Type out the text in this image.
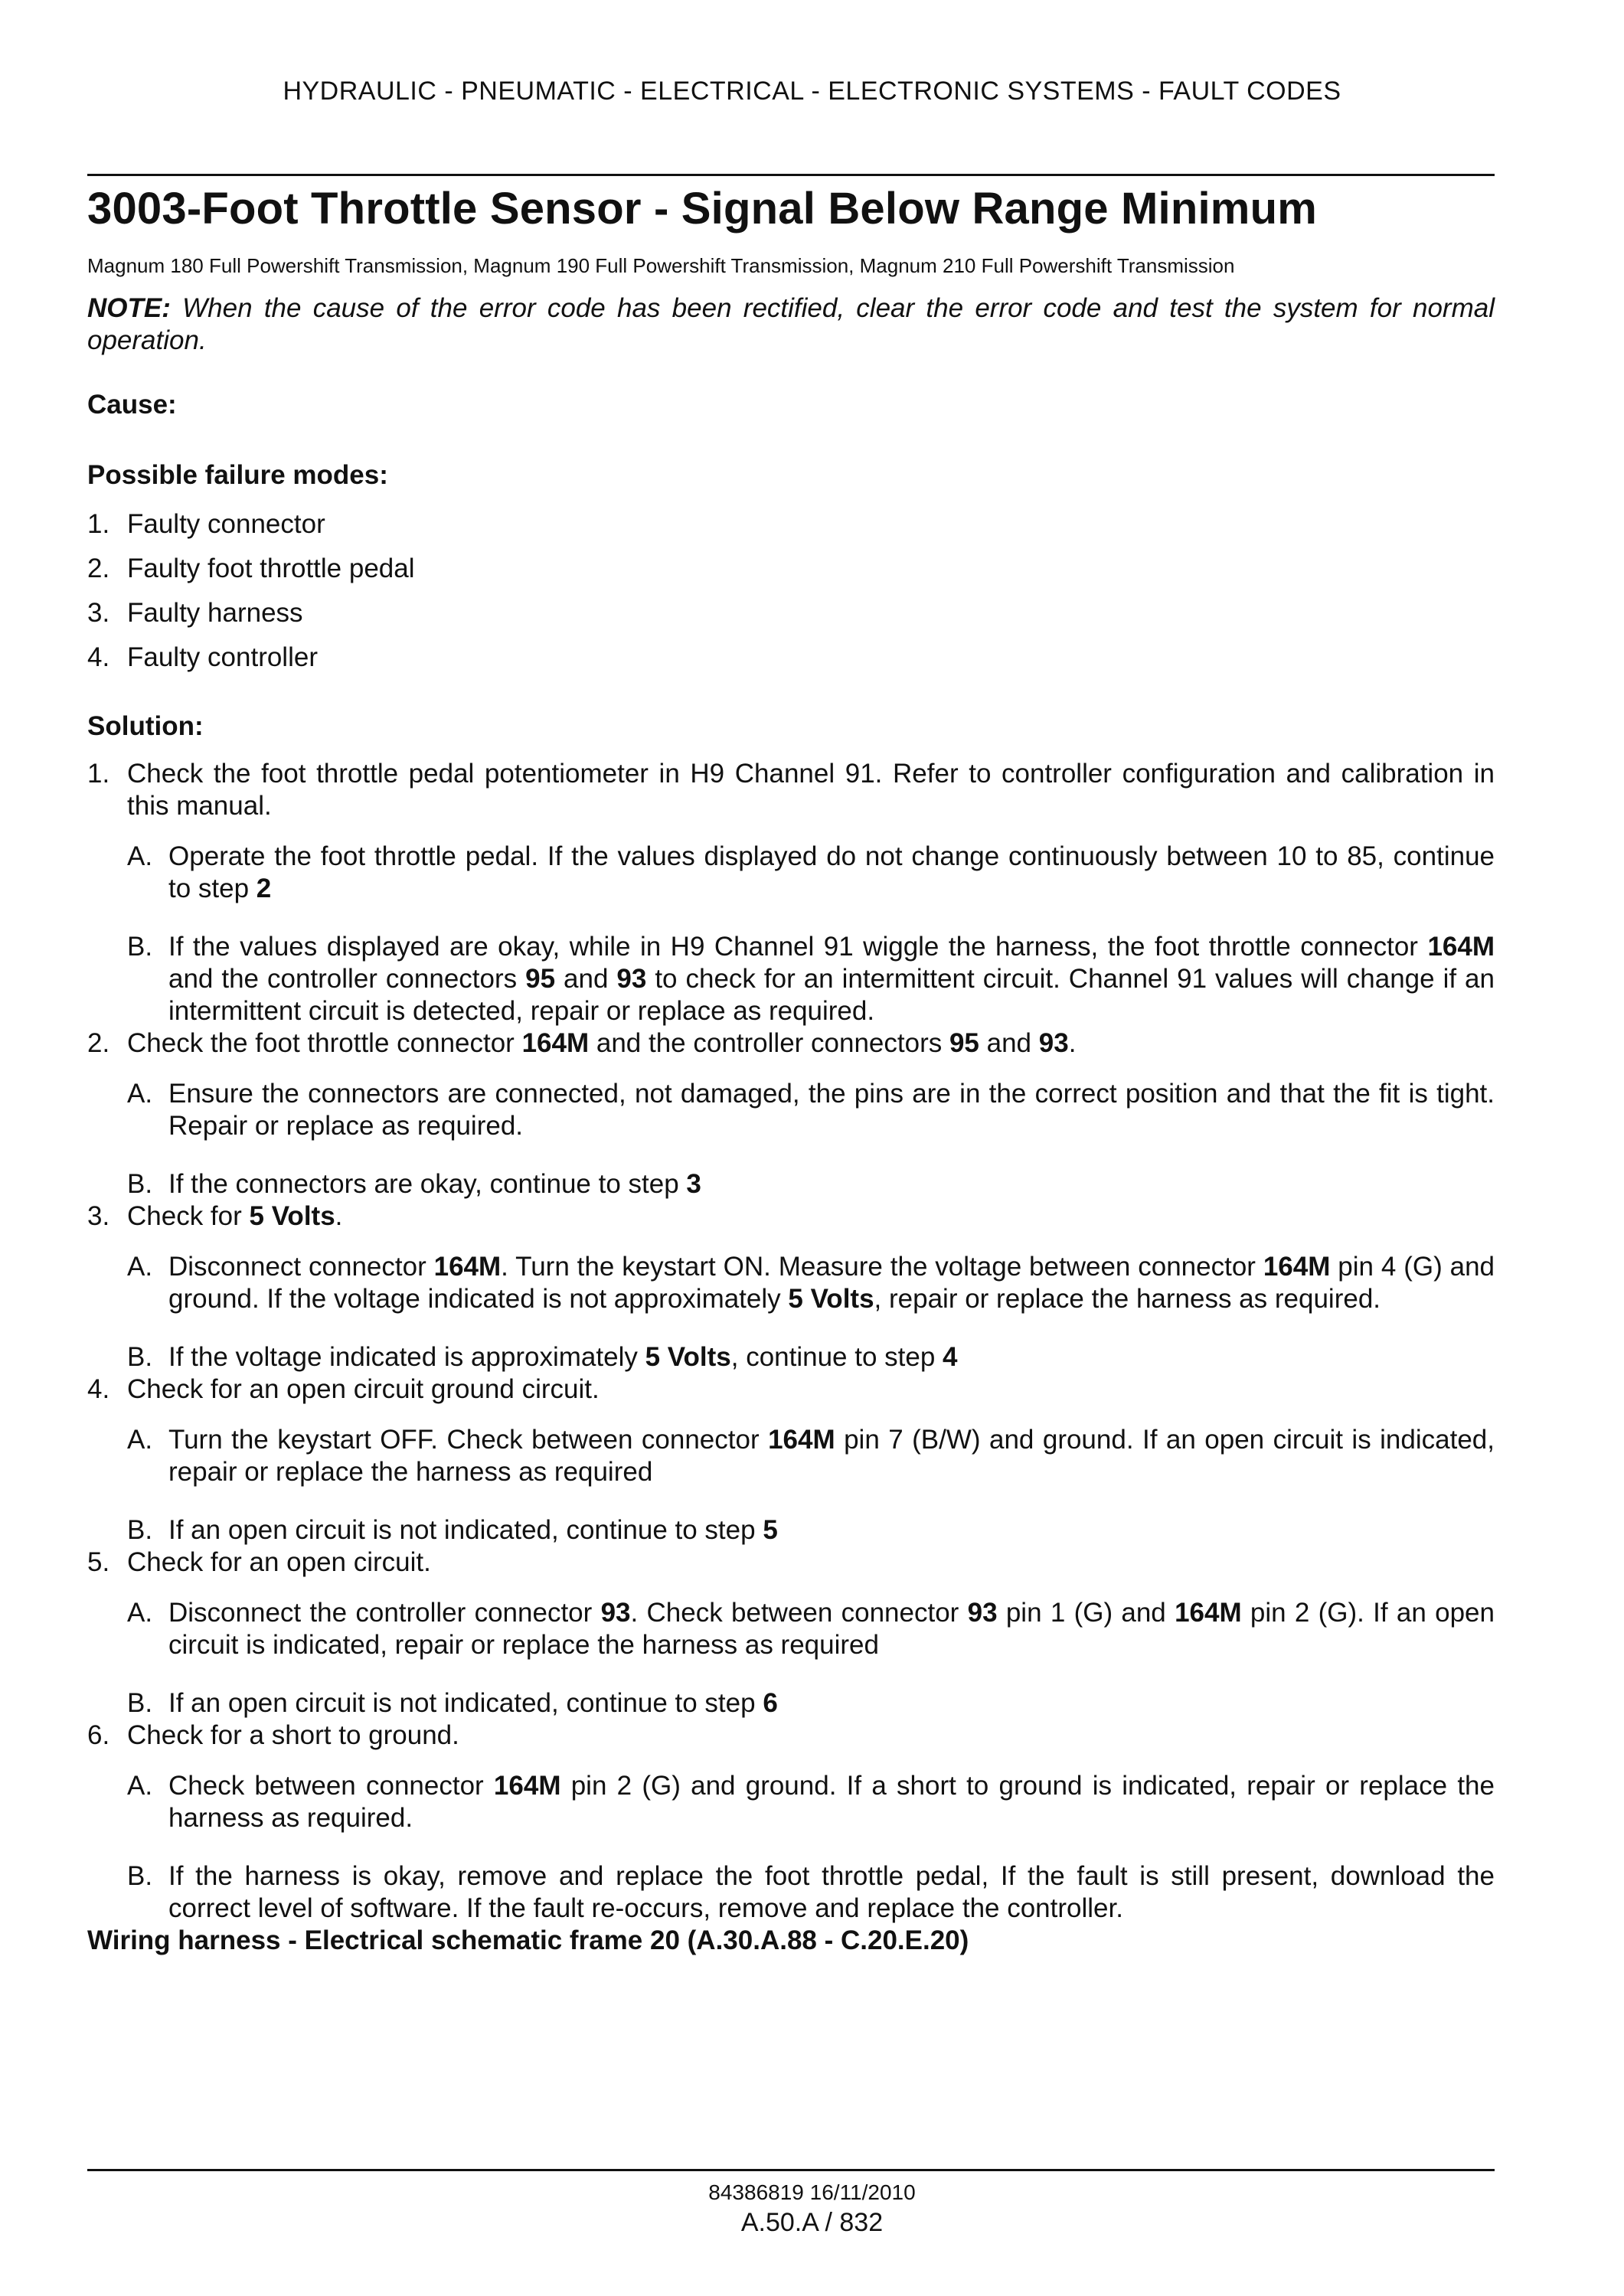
HYDRAULIC - PNEUMATIC - ELECTRICAL - ELECTRONIC SYSTEMS - FAULT CODES
3003-Foot Throttle Sensor - Signal Below Range Minimum
Magnum 180 Full Powershift Transmission, Magnum 190 Full Powershift Transmission, Magnum 210 Full Powershift Transmission
NOTE: When the cause of the error code has been rectified, clear the error code and test the system for normal operation.
Cause:
Possible failure modes:
1. Faulty connector
2. Faulty foot throttle pedal
3. Faulty harness
4. Faulty controller
Solution:
1. Check the foot throttle pedal potentiometer in H9 Channel 91. Refer to controller configuration and calibration in this manual.
A. Operate the foot throttle pedal. If the values displayed do not change continuously between 10 to 85, continue to step 2
B. If the values displayed are okay, while in H9 Channel 91 wiggle the harness, the foot throttle connector 164M and the controller connectors 95 and 93 to check for an intermittent circuit. Channel 91 values will change if an intermittent circuit is detected, repair or replace as required.
2. Check the foot throttle connector 164M and the controller connectors 95 and 93.
A. Ensure the connectors are connected, not damaged, the pins are in the correct position and that the fit is tight. Repair or replace as required.
B. If the connectors are okay, continue to step 3
3. Check for 5 Volts.
A. Disconnect connector 164M. Turn the keystart ON. Measure the voltage between connector 164M pin 4 (G) and ground. If the voltage indicated is not approximately 5 Volts, repair or replace the harness as required.
B. If the voltage indicated is approximately 5 Volts, continue to step 4
4. Check for an open circuit ground circuit.
A. Turn the keystart OFF. Check between connector 164M pin 7 (B/W) and ground. If an open circuit is indicated, repair or replace the harness as required
B. If an open circuit is not indicated, continue to step 5
5. Check for an open circuit.
A. Disconnect the controller connector 93. Check between connector 93 pin 1 (G) and 164M pin 2 (G). If an open circuit is indicated, repair or replace the harness as required
B. If an open circuit is not indicated, continue to step 6
6. Check for a short to ground.
A. Check between connector 164M pin 2 (G) and ground. If a short to ground is indicated, repair or replace the harness as required.
B. If the harness is okay, remove and replace the foot throttle pedal, If the fault is still present, download the correct level of software. If the fault re-occurs, remove and replace the controller.
Wiring harness - Electrical schematic frame 20 (A.30.A.88 - C.20.E.20)
84386819 16/11/2010
A.50.A / 832
